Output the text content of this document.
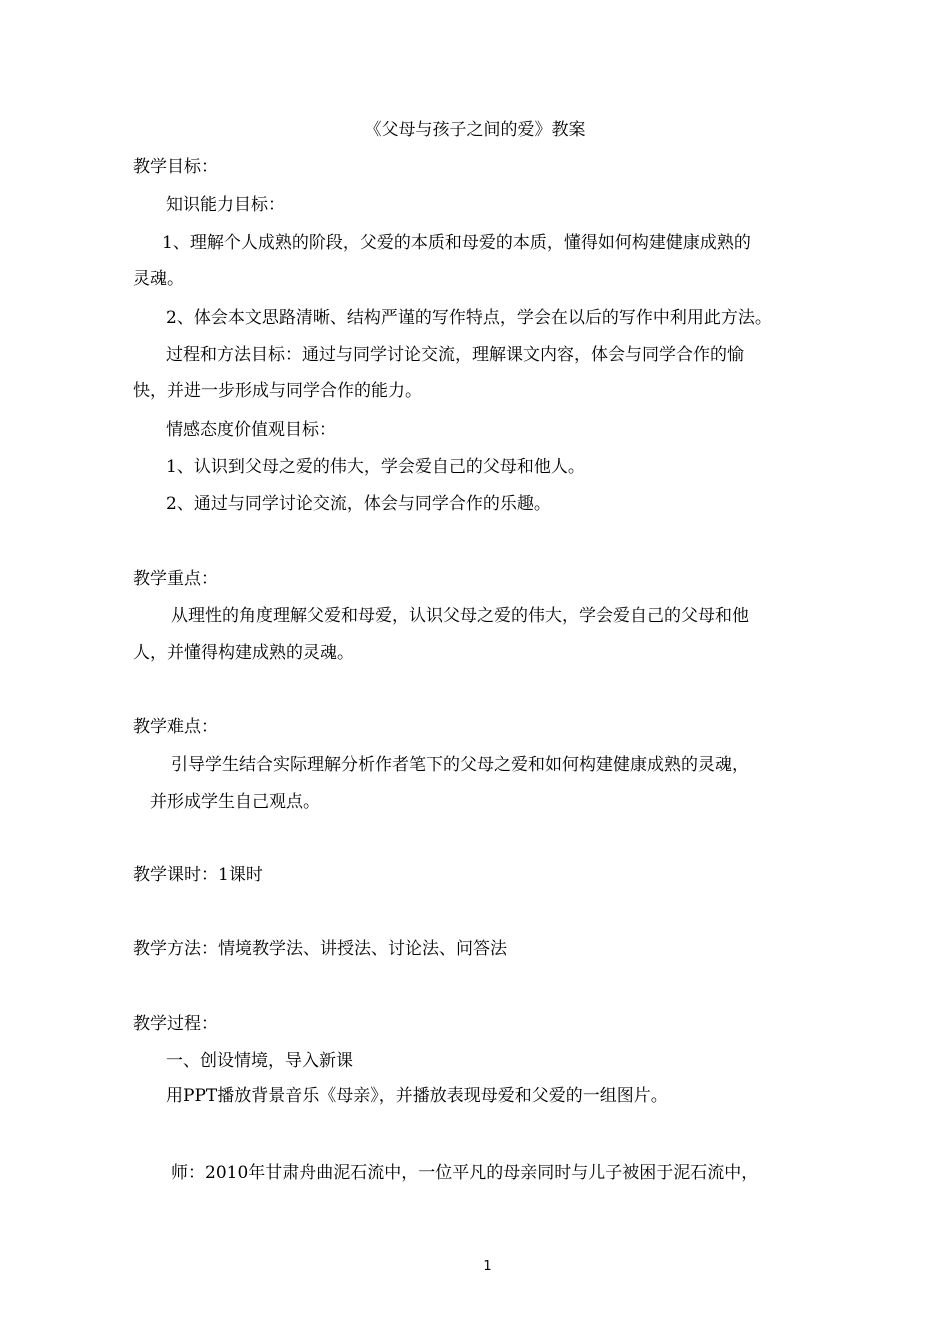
《父母与孩子之间的爱》教案
教学目标：
知识能力目标：
1、理解个人成熟的阶段，父爱的本质和母爱的本质，懂得如何构建健康成熟的
灵魂。
2、体会本文思路清晰、结构严谨的写作特点，学会在以后的写作中利用此方法。
过程和方法目标：通过与同学讨论交流，理解课文内容，体会与同学合作的愉
快，并进一步形成与同学合作的能力。
情感态度价值观目标：
1、认识到父母之爱的伟大，学会爱自己的父母和他人。
2、通过与同学讨论交流，体会与同学合作的乐趣。
教学重点：
从理性的角度理解父爱和母爱，认识父母之爱的伟大，学会爱自己的父母和他
人，并懂得构建成熟的灵魂。
教学难点：
引导学生结合实际理解分析作者笔下的父母之爱和如何构建健康成熟的灵魂，
并形成学生自己观点。
教学课时：1课时
教学方法：情境教学法、讲授法、讨论法、问答法
教学过程：
一、创设情境，导入新课
用PPT播放背景音乐《母亲》，并播放表现母爱和父爱的一组图片。
师：2010年甘肃舟曲泥石流中，一位平凡的母亲同时与儿子被困于泥石流中，
1
